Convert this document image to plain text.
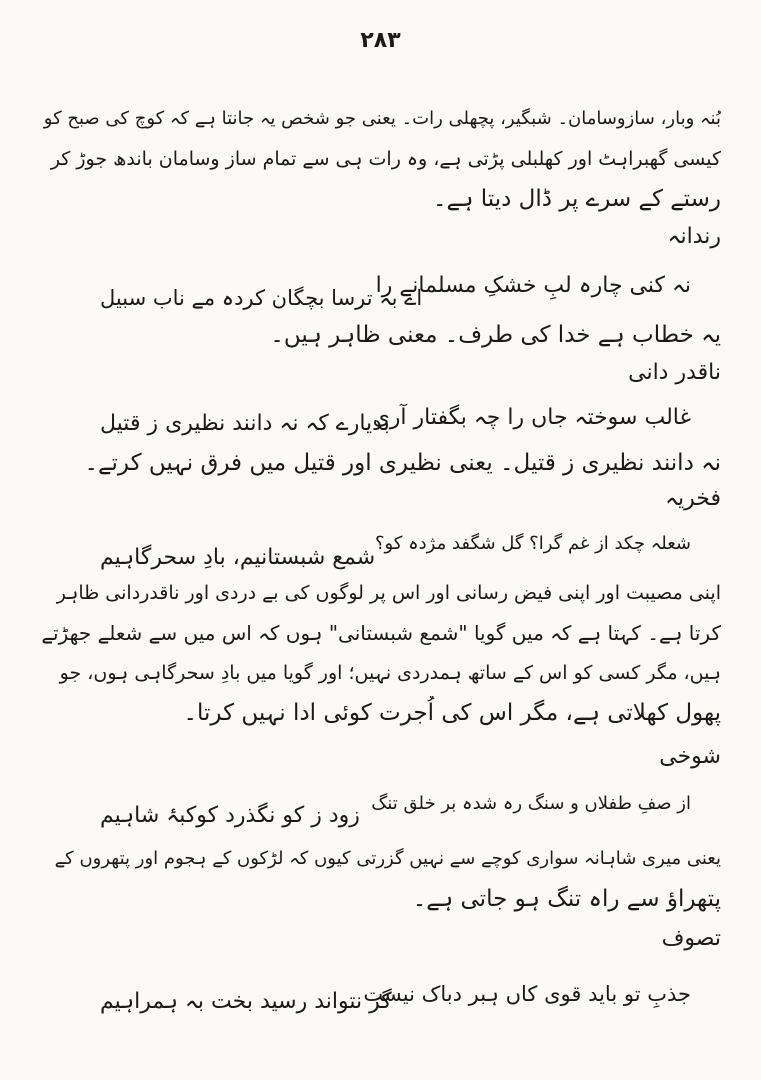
۲۸۳
بُنہ وبار، سازوسامان۔ شبگیر، پچھلی رات۔ یعنی جو شخص یہ جانتا ہے کہ کوچ کی صبح کو
کیسی گھبراہٹ اور کھلبلی پڑتی ہے، وہ رات ہی سے تمام ساز وسامان باندھ جوڑ کر
رستے کے سرے پر ڈال دیتا ہے۔
رندانہ
نہ کنی چارہ لبِ خشکِ مسلمانے را
اے بہ ترسا بچگان کردہ مے ناب سبیل
یہ خطاب ہے خدا کی طرف۔ معنی ظاہر ہیں۔
ناقدر دانی
غالب سوختہ جاں را چہ بگفتار آری
بدیارے کہ نہ دانند نظیری ز قتیل
نہ دانند نظیری ز قتیل۔ یعنی نظیری اور قتیل میں فرق نہیں کرتے۔
فخریہ
شعلہ چکد از غم گرا؟ گل شگفد مژدہ کو؟
شمع شبستانیم، بادِ سحرگاہیم
اپنی مصیبت اور اپنی فیض رسانی اور اس پر لوگوں کی بے دردی اور ناقدردانی ظاہر
کرتا ہے۔ کہتا ہے کہ میں گویا "شمع شبستانی" ہوں کہ اس میں سے شعلے جھڑتے
ہیں، مگر کسی کو اس کے ساتھ ہمدردی نہیں؛ اور گویا میں بادِ سحرگاہی ہوں، جو
پھول کھلاتی ہے، مگر اس کی اُجرت کوئی ادا نہیں کرتا۔
شوخی
از صفِ طفلاں و سنگ رہ شدہ بر خلق تنگ
زود ز کو نگذرد کوکبۂ شاہیم
یعنی میری شاہانہ سواری کوچے سے نہیں گزرتی کیوں کہ لڑکوں کے ہجوم اور پتھروں کے
پتھراؤ سے راہ تنگ ہو جاتی ہے۔
تصوف
جذبِ تو باید قوی کاں ہبر دباک نیست
گر نتواند رسید بخت بہ ہمراہیم
